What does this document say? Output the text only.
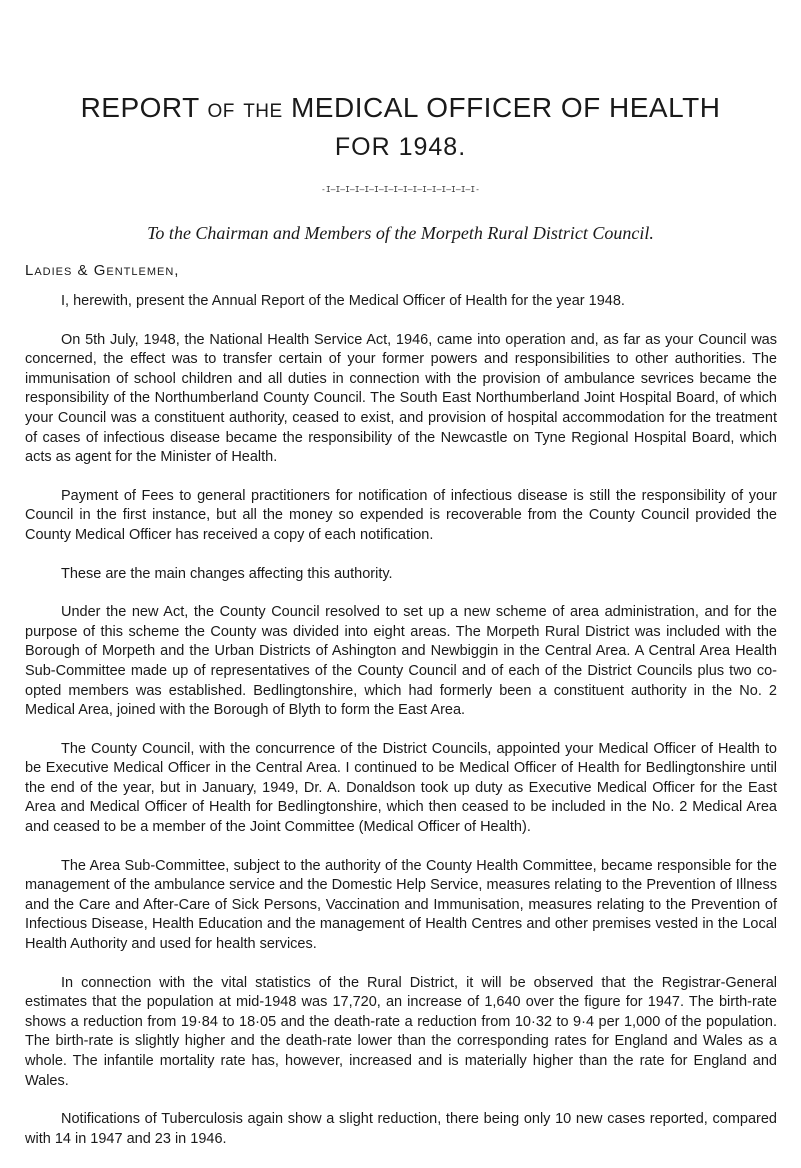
REPORT OF THE MEDICAL OFFICER OF HEALTH
FOR 1948.
-I—I—I—I—I—I—I—I—I—I—I—I—I—I—I—I-
To the Chairman and Members of the Morpeth Rural District Council.
Ladies & Gentlemen,

I, herewith, present the Annual Report of the Medical Officer of Health for the year 1948.

On 5th July, 1948, the National Health Service Act, 1946, came into operation and, as far as your Council was concerned, the effect was to transfer certain of your former powers and responsibilities to other authorities. The immunisation of school children and all duties in connection with the provision of ambulance sevrices became the responsibility of the Northumberland County Council. The South East Northumberland Joint Hospital Board, of which your Council was a constituent authority, ceased to exist, and provision of hospital accommodation for the treatment of cases of infectious disease became the responsibility of the Newcastle on Tyne Regional Hospital Board, which acts as agent for the Minister of Health.

Payment of Fees to general practitioners for notification of infectious disease is still the responsibility of your Council in the first instance, but all the money so expended is recoverable from the County Council provided the County Medical Officer has received a copy of each notification.

These are the main changes affecting this authority.

Under the new Act, the County Council resolved to set up a new scheme of area administration, and for the purpose of this scheme the County was divided into eight areas. The Morpeth Rural District was included with the Borough of Morpeth and the Urban Districts of Ashington and Newbiggin in the Central Area. A Central Area Health Sub-Committee made up of representatives of the County Council and of each of the District Councils plus two co-opted members was established. Bedlingtonshire, which had formerly been a constituent authority in the No. 2 Medical Area, joined with the Borough of Blyth to form the East Area.

The County Council, with the concurrence of the District Councils, appointed your Medical Officer of Health to be Executive Medical Officer in the Central Area. I continued to be Medical Officer of Health for Bedlingtonshire until the end of the year, but in January, 1949, Dr. A. Donaldson took up duty as Executive Medical Officer for the East Area and Medical Officer of Health for Bedlingtonshire, which then ceased to be included in the No. 2 Medical Area and ceased to be a member of the Joint Committee (Medical Officer of Health).

The Area Sub-Committee, subject to the authority of the County Health Committee, became responsible for the management of the ambulance service and the Domestic Help Service, measures relating to the Prevention of Illness and the Care and After-Care of Sick Persons, Vaccination and Immunisation, measures relating to the Prevention of Infectious Disease, Health Education and the management of Health Centres and other premises vested in the Local Health Authority and used for health services.

In connection with the vital statistics of the Rural District, it will be observed that the Registrar-General estimates that the population at mid-1948 was 17,720, an increase of 1,640 over the figure for 1947. The birth-rate shows a reduction from 19·84 to 18·05 and the death-rate a reduction from 10·32 to 9·4 per 1,000 of the population. The birth-rate is slightly higher and the death-rate lower than the corresponding rates for England and Wales as a whole. The infantile mortality rate has, however, increased and is materially higher than the rate for England and Wales.

Notifications of Tuberculosis again show a slight reduction, there being only 10 new cases reported, compared with 14 in 1947 and 23 in 1946.
